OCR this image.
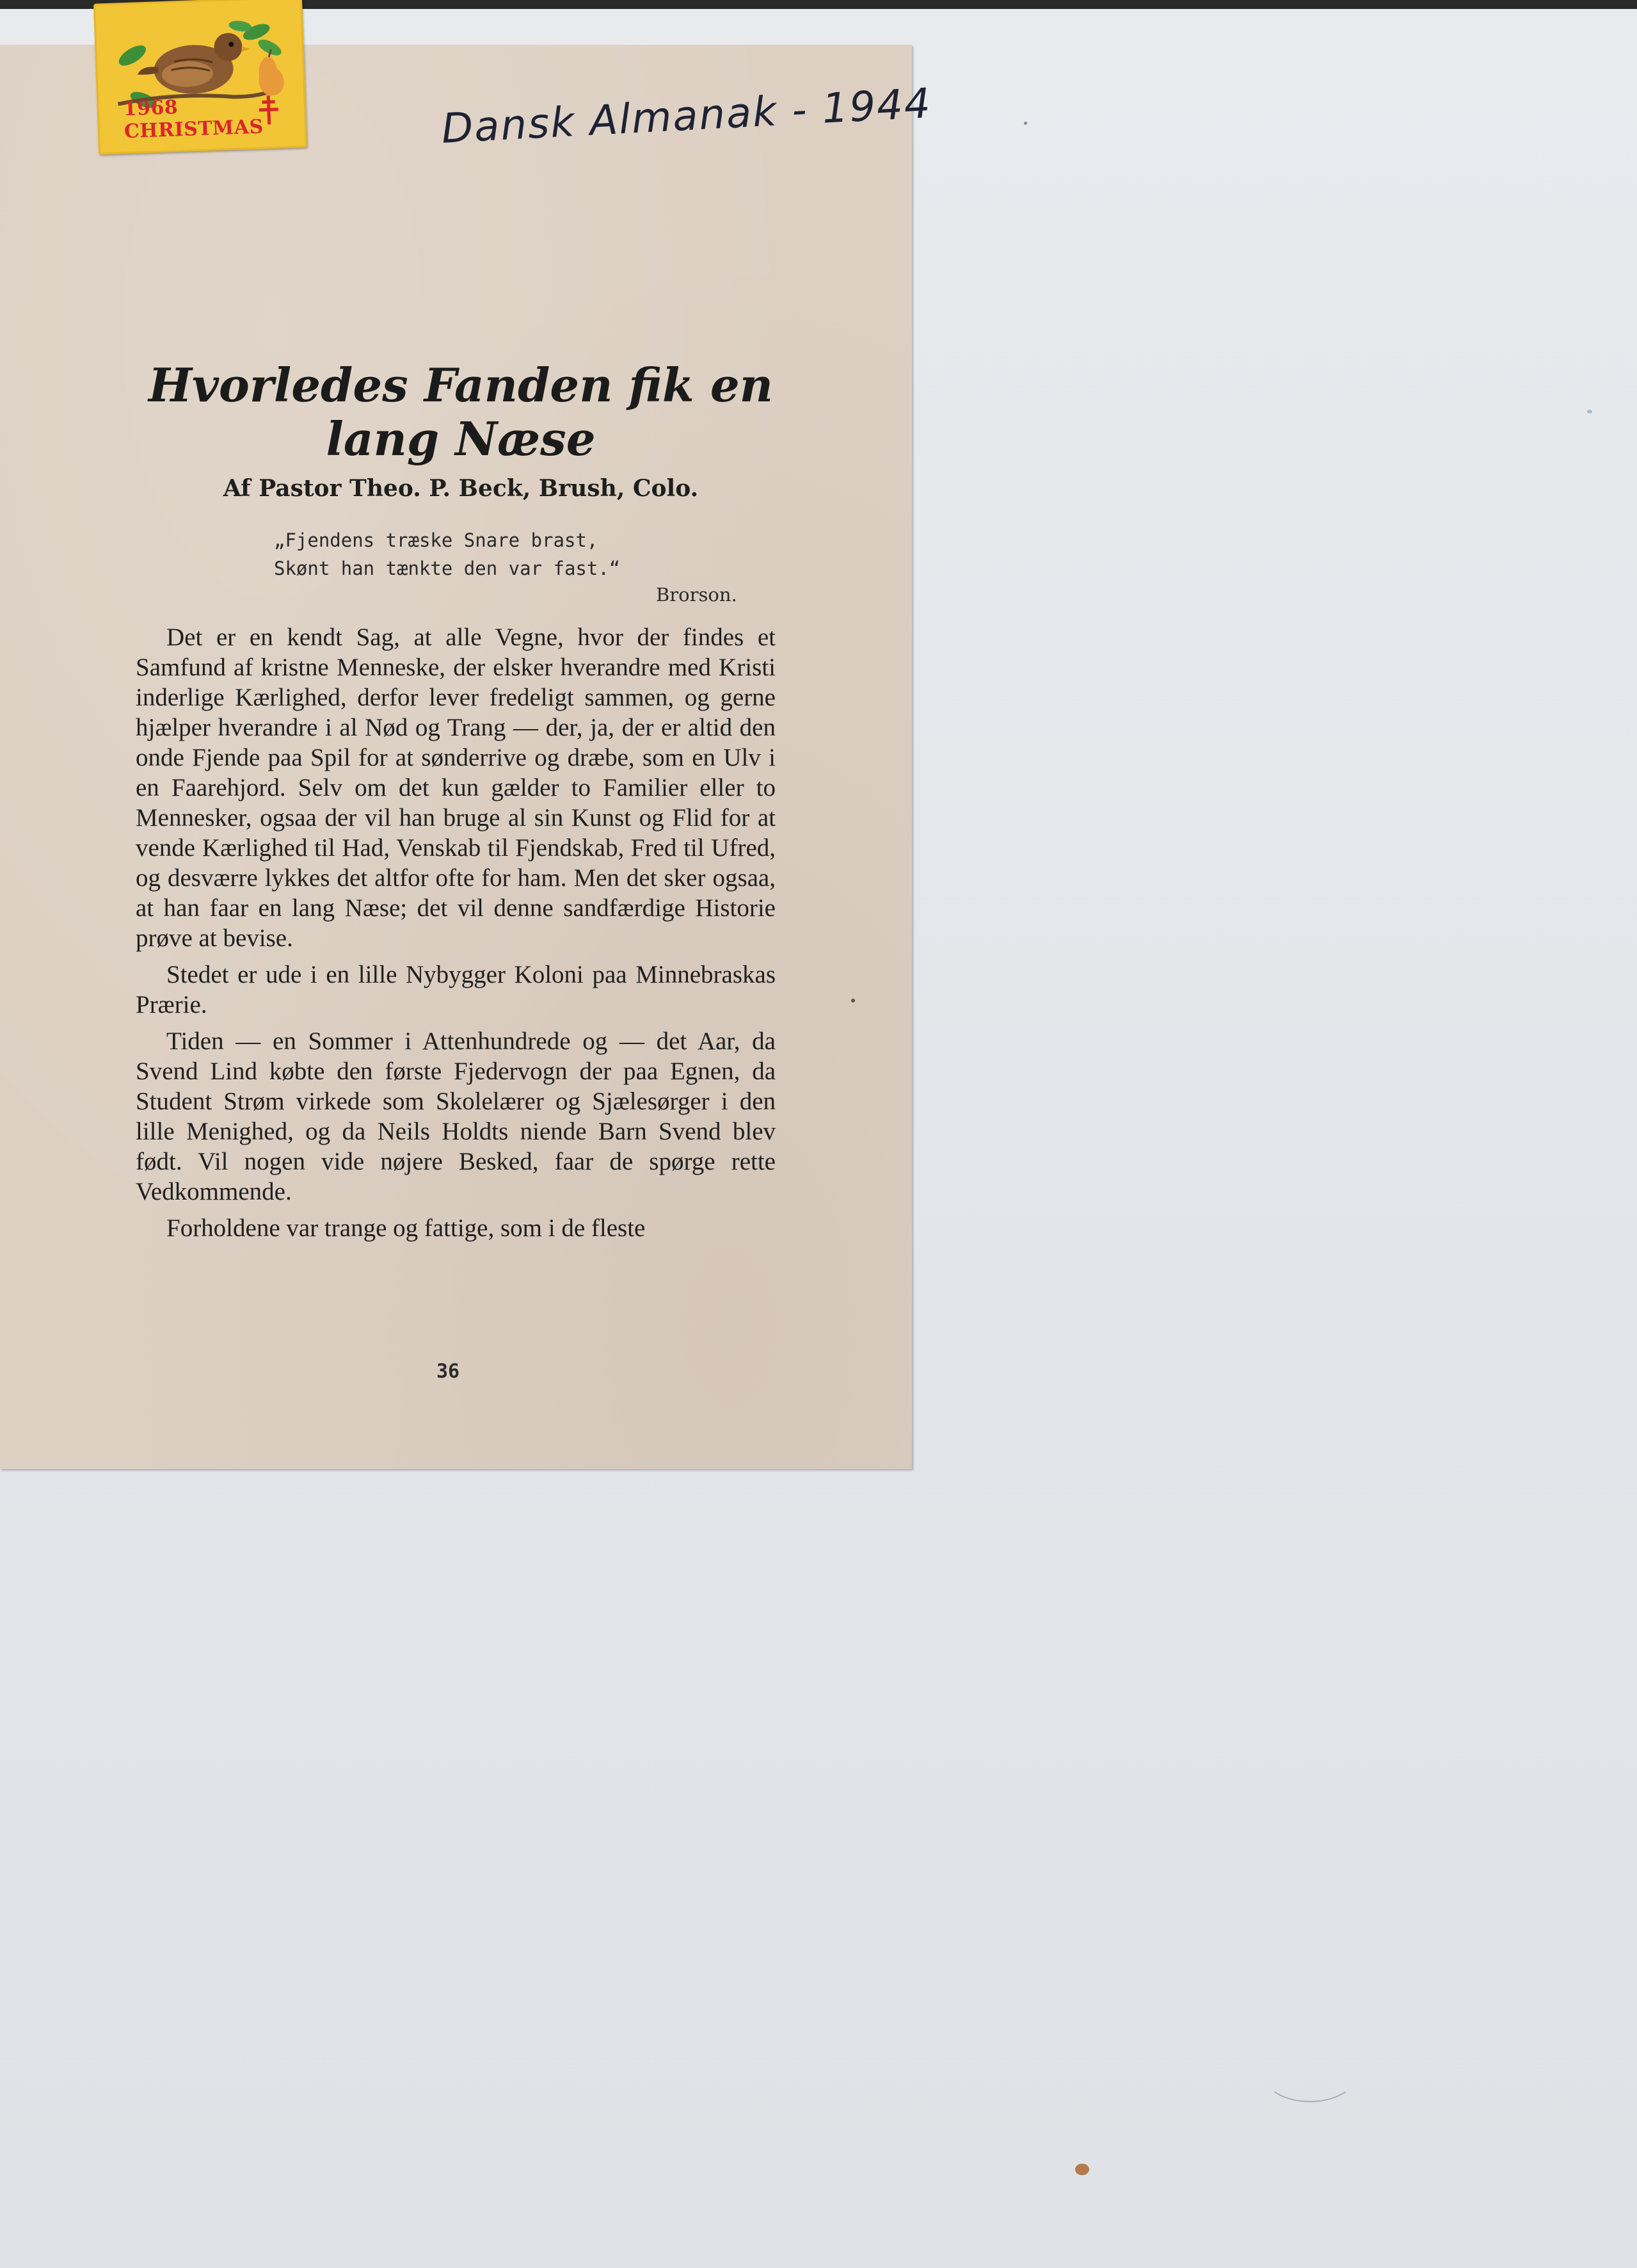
Dansk Almanak - 1944
Hvorledes Fanden fik en lang Næse
Af Pastor Theo. P. Beck, Brush, Colo.
„Fjendens træske Snare brast,
Skønt han tænkte den var fast.“
Brorson.

Det er en kendt Sag, at alle Vegne, hvor der findes et Samfund af kristne Menneske, der elsker hverandre med Kristi inderlige Kærlighed, derfor lever fredeligt sammen, og gerne hjælper hverandre i al Nød og Trang — der, ja, der er altid den onde Fjende paa Spil for at sønderrive og dræbe, som en Ulv i en Faarehjord. Selv om det kun gælder to Familier eller to Mennesker, ogsaa der vil han bruge al sin Kunst og Flid for at vende Kærlighed til Had, Venskab til Fjendskab, Fred til Ufred, og desværre lykkes det altfor ofte for ham. Men det sker ogsaa, at han faar en lang Næse; det vil denne sandfærdige Historie prøve at bevise.

Stedet er ude i en lille Nybygger Koloni paa Minnebraskas Prærie.

Tiden — en Sommer i Attenhundrede og — det Aar, da Svend Lind købte den første Fjedervogn der paa Egnen, da Student Strøm virkede som Skolelærer og Sjælesørger i den lille Menighed, og da Neils Holdts niende Barn Svend blev født. Vil nogen vide nøjere Besked, faar de spørge rette Vedkommende.

Forholdene var trange og fattige, som i de fleste

36
1968 CHRISTMAS
